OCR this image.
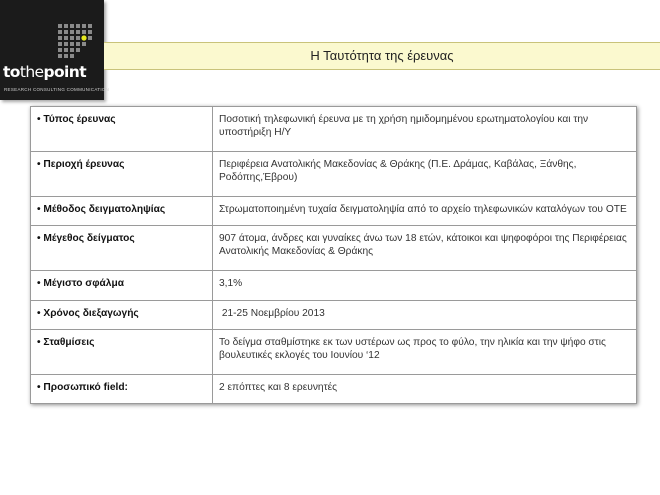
tothepoint
RESEARCH CONSULTING COMMUNICATION
Η Ταυτότητα της έρευνας
• Τύπος έρευνας	Ποσοτική τηλεφωνική έρευνα με τη χρήση ημιδομημένου ερωτηματολογίου και την υποστήριξη Η/Υ
• Περιοχή έρευνας	Περιφέρεια Ανατολικής Μακεδονίας & Θράκης (Π.Ε. Δράμας, Καβάλας, Ξάνθης, Ροδόπης,Έβρου)
• Μέθοδος δειγματοληψίας	Στρωματοποιημένη τυχαία δειγματοληψία από το αρχείο τηλεφωνικών καταλόγων του ΟΤΕ
• Μέγεθος δείγματος	907 άτομα, άνδρες και γυναίκες άνω των 18 ετών, κάτοικοι και ψηφοφόροι της Περιφέρειας Ανατολικής Μακεδονίας & Θράκης
• Μέγιστο σφάλμα	3,1%
• Χρόνος διεξαγωγής	21-25 Νοεμβρίου 2013
• Σταθμίσεις	Το δείγμα σταθμίστηκε εκ των υστέρων ως προς το φύλο, την ηλικία και την ψήφο στις βουλευτικές εκλογές του Ιουνίου ‘12
• Προσωπικό field:	2 επόπτες και 8 ερευνητές
